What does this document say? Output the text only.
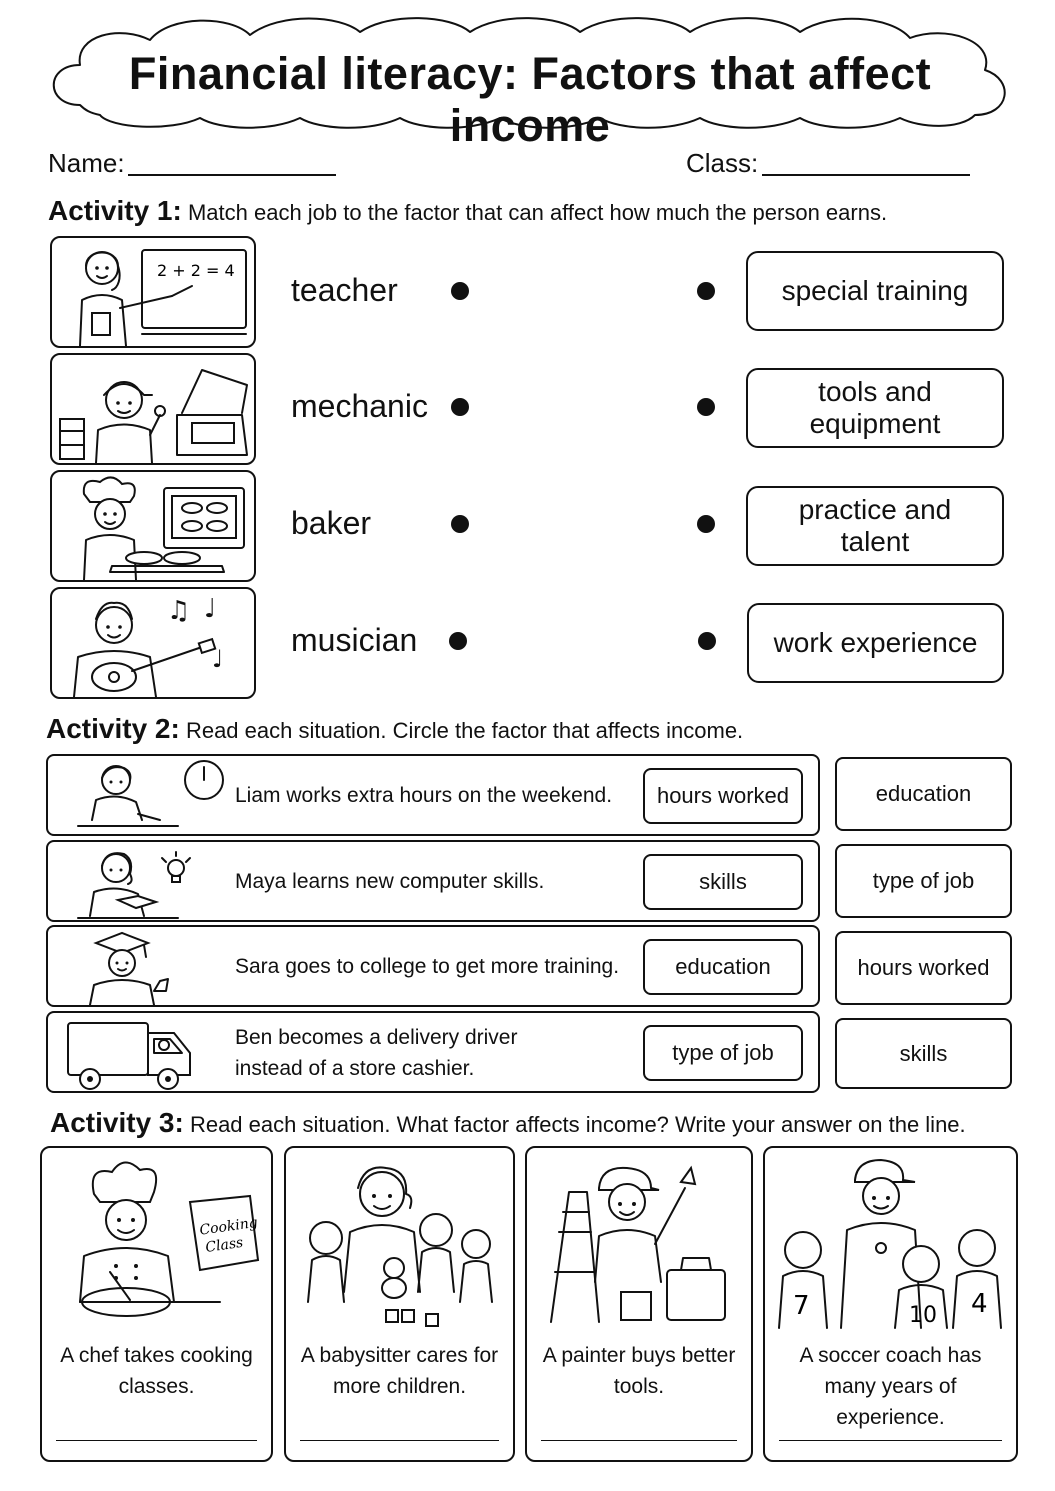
Financial literacy: Factors that affect income
Name:	Class:
Activity 1: Match each job to the factor that can affect how much the person earns.
2 + 2 = 4
teacher	special training
mechanic	tools and
equipment
baker	practice and
talent
♫ ♩
♩
musician	work experience
Activity 2: Read each situation. Circle the factor that affects income.
Liam works extra hours on the weekend.	hours worked	education
Maya learns new computer skills.	skills	type of job
Sara goes to college to get more training.	education	hours worked
Ben becomes a delivery driver
instead of a store cashier.
type of job	skills
Activity 3: Read each situation. What factor affects income? Write your answer on the line.
Cooking
Class
A chef takes cooking classes.
A babysitter cares for more children.
A painter buys better tools.
7	10 4
A soccer coach has many years of experience.
